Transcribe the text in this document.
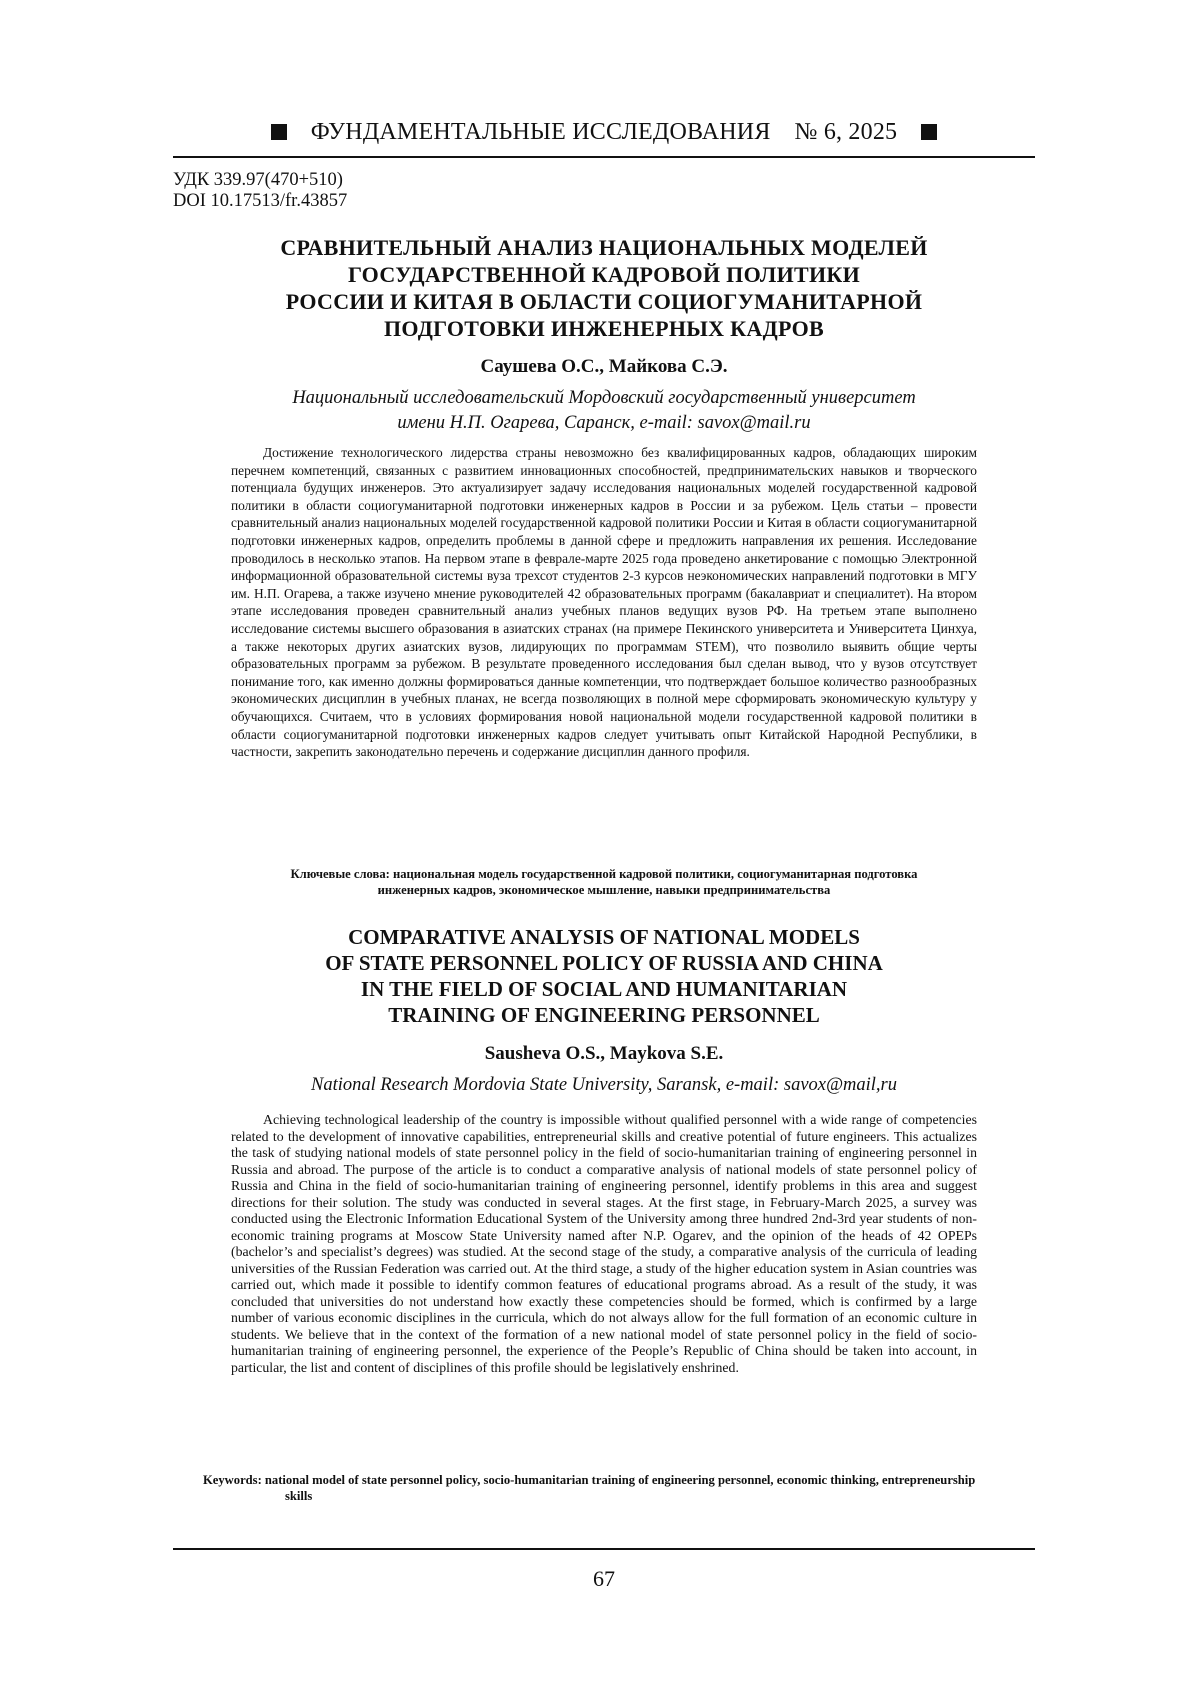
ФУНДАМЕНТАЛЬНЫЕ ИССЛЕДОВАНИЯ № 6, 2025
УДК 339.97(470+510)
DOI 10.17513/fr.43857
СРАВНИТЕЛЬНЫЙ АНАЛИЗ НАЦИОНАЛЬНЫХ МОДЕЛЕЙ
ГОСУДАРСТВЕННОЙ КАДРОВОЙ ПОЛИТИКИ
РОССИИ И КИТАЯ В ОБЛАСТИ СОЦИОГУМАНИТАРНОЙ
ПОДГОТОВКИ ИНЖЕНЕРНЫХ КАДРОВ
Саушева О.С., Майкова С.Э.
Национальный исследовательский Мордовский государственный университет
имени Н.П. Огарева, Саранск, e-mail: savox@mail.ru

Достижение технологического лидерства страны невозможно без квалифицированных кадров, обладающих широким перечнем компетенций, связанных с развитием инновационных способностей, предпринимательских навыков и творческого потенциала будущих инженеров. Это актуализирует задачу исследования национальных моделей государственной кадровой политики в области социогуманитарной подготовки инженерных кадров в России и за рубежом. Цель статьи – провести сравнительный анализ национальных моделей государственной кадровой политики России и Китая в области социогуманитарной подготовки инженерных кадров, определить проблемы в данной сфере и предложить направления их решения. Исследование проводилось в несколько этапов. На первом этапе в феврале-марте 2025 года проведено анкетирование с помощью Электронной информационной образовательной системы вуза трехсот студентов 2-3 курсов неэкономических направлений подготовки в МГУ им. Н.П. Огарева, а также изучено мнение руководителей 42 образовательных программ (бакалавриат и специалитет). На втором этапе исследования проведен сравнительный анализ учебных планов ведущих вузов РФ. На третьем этапе выполнено исследование системы высшего образования в азиатских странах (на примере Пекинского университета и Университета Цинхуа, а также некоторых других азиатских вузов, лидирующих по программам STEM), что позволило выявить общие черты образовательных программ за рубежом. В результате проведенного исследования был сделан вывод, что у вузов отсутствует понимание того, как именно должны формироваться данные компетенции, что подтверждает большое количество разнообразных экономических дисциплин в учебных планах, не всегда позволяющих в полной мере сформировать экономическую культуру у обучающихся. Считаем, что в условиях формирования новой национальной модели государственной кадровой политики в области социогуманитарной подготовки инженерных кадров следует учитывать опыт Китайской Народной Республики, в частности, закрепить законодательно перечень и содержание дисциплин данного профиля.

Ключевые слова: национальная модель государственной кадровой политики, социогуманитарная подготовка
инженерных кадров, экономическое мышление, навыки предпринимательства
COMPARATIVE ANALYSIS OF NATIONAL MODELS
OF STATE PERSONNEL POLICY OF RUSSIA AND CHINA
IN THE FIELD OF SOCIAL AND HUMANITARIAN
TRAINING OF ENGINEERING PERSONNEL
Sausheva O.S., Maykova S.E.
National Research Mordovia State University, Saransk, e-mail: savox@mail,ru

Achieving technological leadership of the country is impossible without qualified personnel with a wide range of competencies related to the development of innovative capabilities, entrepreneurial skills and creative potential of future engineers. This actualizes the task of studying national models of state personnel policy in the field of socio-humanitarian training of engineering personnel in Russia and abroad. The purpose of the article is to conduct a comparative analysis of national models of state personnel policy of Russia and China in the field of socio-humanitarian training of engineering personnel, identify problems in this area and suggest directions for their solution. The study was conducted in several stages. At the first stage, in February-March 2025, a survey was conducted using the Electronic Information Educational System of the University among three hundred 2nd-3rd year students of non-economic training programs at Moscow State University named after N.P. Ogarev, and the opinion of the heads of 42 OPEPs (bachelor’s and specialist’s degrees) was studied. At the second stage of the study, a comparative analysis of the curricula of leading universities of the Russian Federation was carried out. At the third stage, a study of the higher education system in Asian countries was carried out, which made it possible to identify common features of educational programs abroad. As a result of the study, it was concluded that universities do not understand how exactly these competencies should be formed, which is confirmed by a large number of various economic disciplines in the curricula, which do not always allow for the full formation of an economic culture in students. We believe that in the context of the formation of a new national model of state personnel policy in the field of socio-humanitarian training of engineering personnel, the experience of the People’s Republic of China should be taken into account, in particular, the list and content of disciplines of this profile should be legislatively enshrined.

Keywords: national model of state personnel policy, socio-humanitarian training of engineering personnel, economic thinking, entrepreneurship skills

67
